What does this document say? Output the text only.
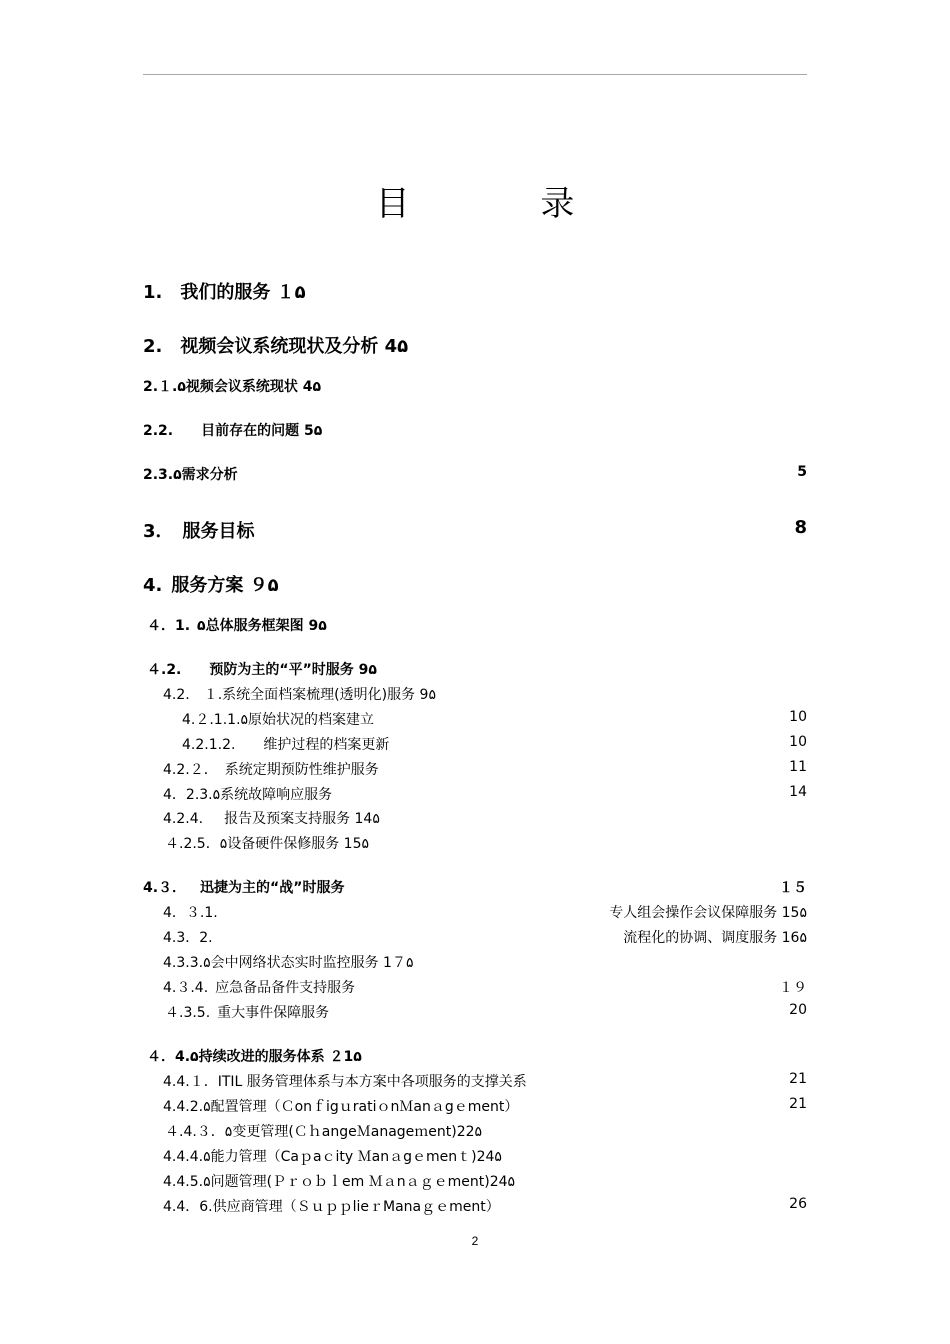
目 录
1. 我们的服务 １۵
2. 视频会议系统现状及分析 4۵
2.１.۵视频会议系统现状 4۵
2.2.  目前存在的问题 5۵
2.3.۵需求分析	5
3． 服务目标	8
4. 服务方案 ９۵
４．1. ۵总体服务框架图 9۵
４.2.  预防为主的“平”时服务 9۵
4.2. １.系统全面档案梳理(透明化)服务 9۵
4.２.1.1.۵原始状况的档案建立	10
4.2.1.2.  维护过程的档案更新	10
4.2.２． 系统定期预防性维护服务	11
4．2.3.۵系统故障响应服务	14
4.2.4.  报告及预案支持服务 14۵
４.2.5．۵设备硬件保修服务 15۵
4.３． 迅捷为主的“战”时服务	１５
4．３.1.	专人组会操作会议保障服务 15۵
4.3．2.	流程化的协调、调度服务 16۵
4.3.3.۵会中网络状态实时监控服务 1７۵
4.３.4. 应急备品备件支持服务	１９
４.3.5. 重大事件保障服务	20
４．4.۵持续改进的服务体系 ２1۵
4.4.１．ITIL 服务管理体系与本方案中各项服务的支撑关系	21
4.4.2.۵配置管理（ＣonｆigｕratiｏnＭanａgｅment）	21
４.4.３．۵变更管理(ＣｈangeＭanageｍent)22۵
4.4.4.۵能力管理（Caｐaｃity Ｍanａgｅmenｔ)24۵
4.4.5.۵问题管理(Ｐｒｏｂｌem Ｍａnａｇｅment)24۵
4.4．6.供应商管理（ＳｕｐｐlieｒManaｇｅment）	26
2
